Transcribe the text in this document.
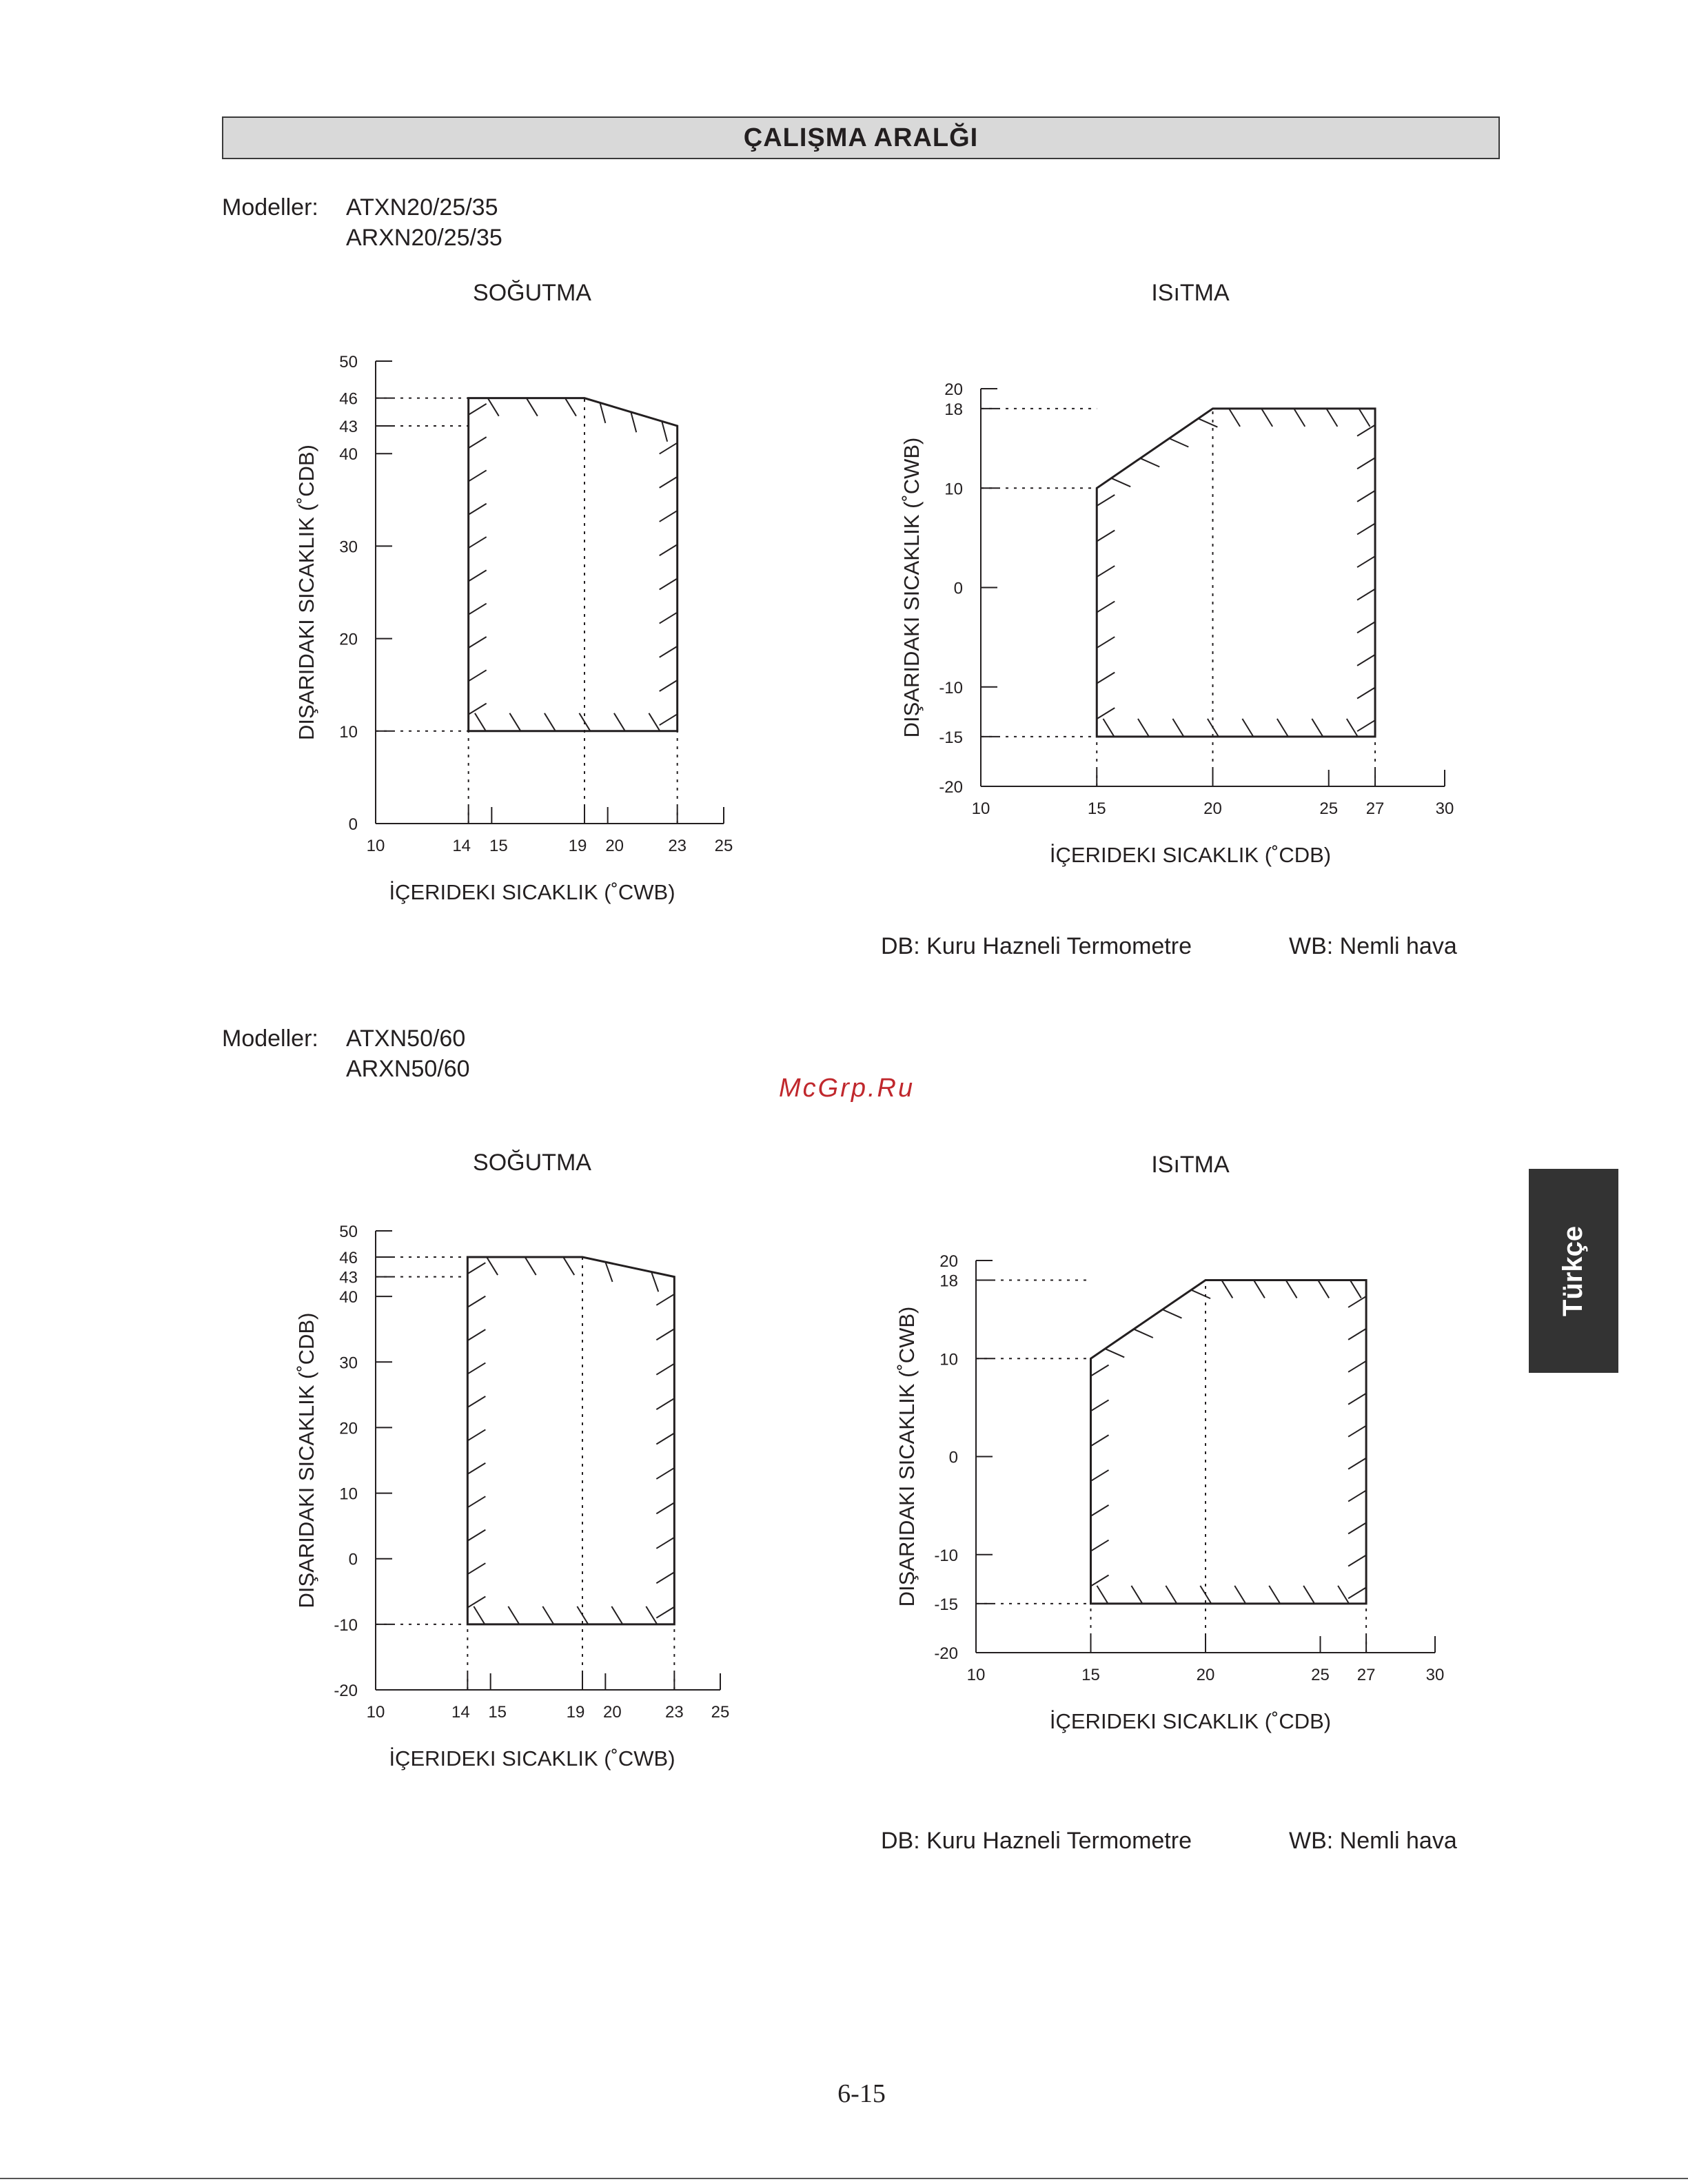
ÇALIŞMA ARALĞI
Modeller: ATXN20/25/35
ARXN20/25/35
Modeller: ATXN50/60
ARXN50/60
0
10
20
30
40
43
46
50
10	14 15	19 20	23 25
SOĞUTMA
İÇERIDEKI SICAKLIK (˚CWB)
DIŞARIDAKI SICAKLIK (˚CDB)
-20
-15
-10
0
10
18
20
10	15	20	25 27	30
ISıTMA
İÇERIDEKI SICAKLIK (˚CDB)
DIŞARIDAKI SICAKLIK (˚CWB)
-20
-10
0
10
20
30
40
43
46
50
10	14 15	19 20	23 25
SOĞUTMA
İÇERIDEKI SICAKLIK (˚CWB)
DIŞARIDAKI SICAKLIK (˚CDB)
-20
-15
-10
0
10
18
20
10	15	20	25 27	30
ISıTMA
İÇERIDEKI SICAKLIK (˚CDB)
DIŞARIDAKI SICAKLIK (˚CWB)
DB: Kuru Hazneli Termometre	WB: Nemli hava
DB: Kuru Hazneli Termometre	WB: Nemli hava
McGrp.Ru
Türkçe
6-15
